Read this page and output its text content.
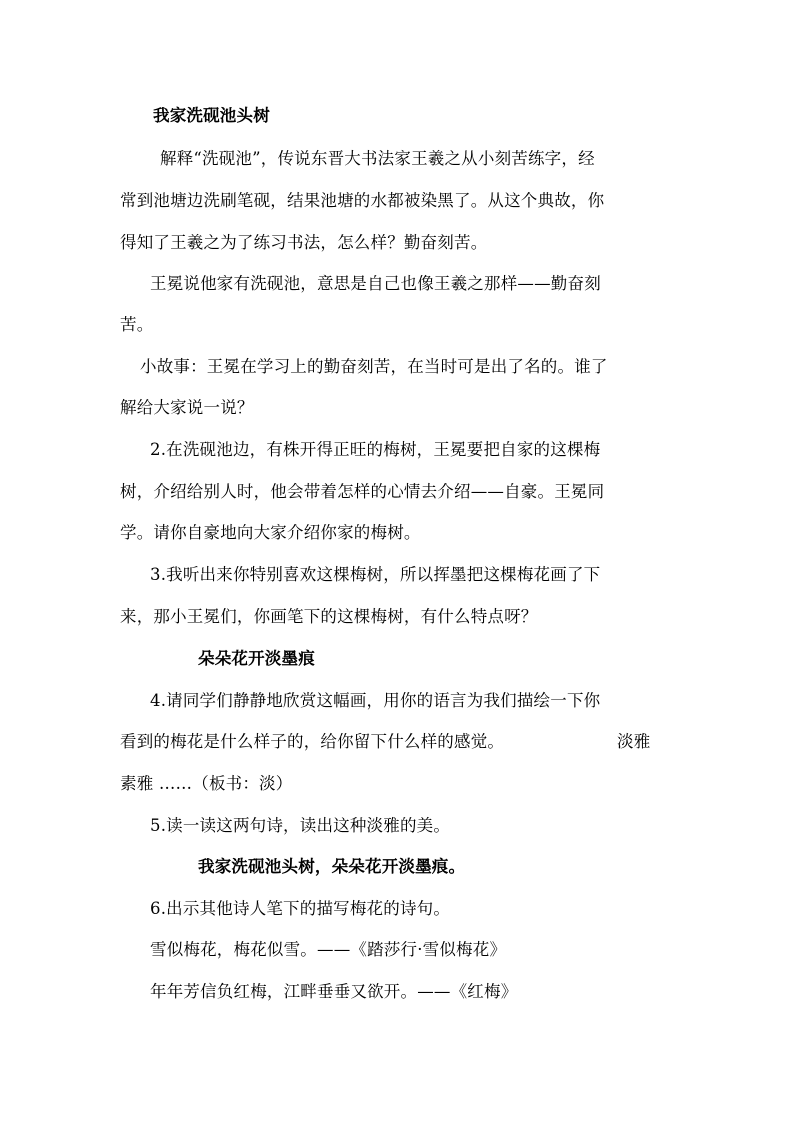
我家洗砚池头树
解释“洗砚池”，传说东晋大书法家王羲之从小刻苦练字，经
常到池塘边洗刷笔砚，结果池塘的水都被染黑了。从这个典故，你
得知了王羲之为了练习书法，怎么样？勤奋刻苦。
王冕说他家有洗砚池，意思是自己也像王羲之那样——勤奋刻
苦。
小故事：王冕在学习上的勤奋刻苦，在当时可是出了名的。谁了
解给大家说一说？
2.在洗砚池边，有株开得正旺的梅树，王冕要把自家的这棵梅
树，介绍给别人时，他会带着怎样的心情去介绍——自豪。王冕同
学。请你自豪地向大家介绍你家的梅树。
3.我听出来你特别喜欢这棵梅树，所以挥墨把这棵梅花画了下
来，那小王冕们，你画笔下的这棵梅树，有什么特点呀？
朵朵花开淡墨痕
4.请同学们静静地欣赏这幅画，用你的语言为我们描绘一下你
看到的梅花是什么样子的，给你留下什么样的感觉。	淡雅
素雅 ……（板书：淡）
5.读一读这两句诗，读出这种淡雅的美。
我家洗砚池头树，朵朵花开淡墨痕。
6.出示其他诗人笔下的描写梅花的诗句。
雪似梅花，梅花似雪。——《踏莎行·雪似梅花》
年年芳信负红梅，江畔垂垂又欲开。——《红梅》
